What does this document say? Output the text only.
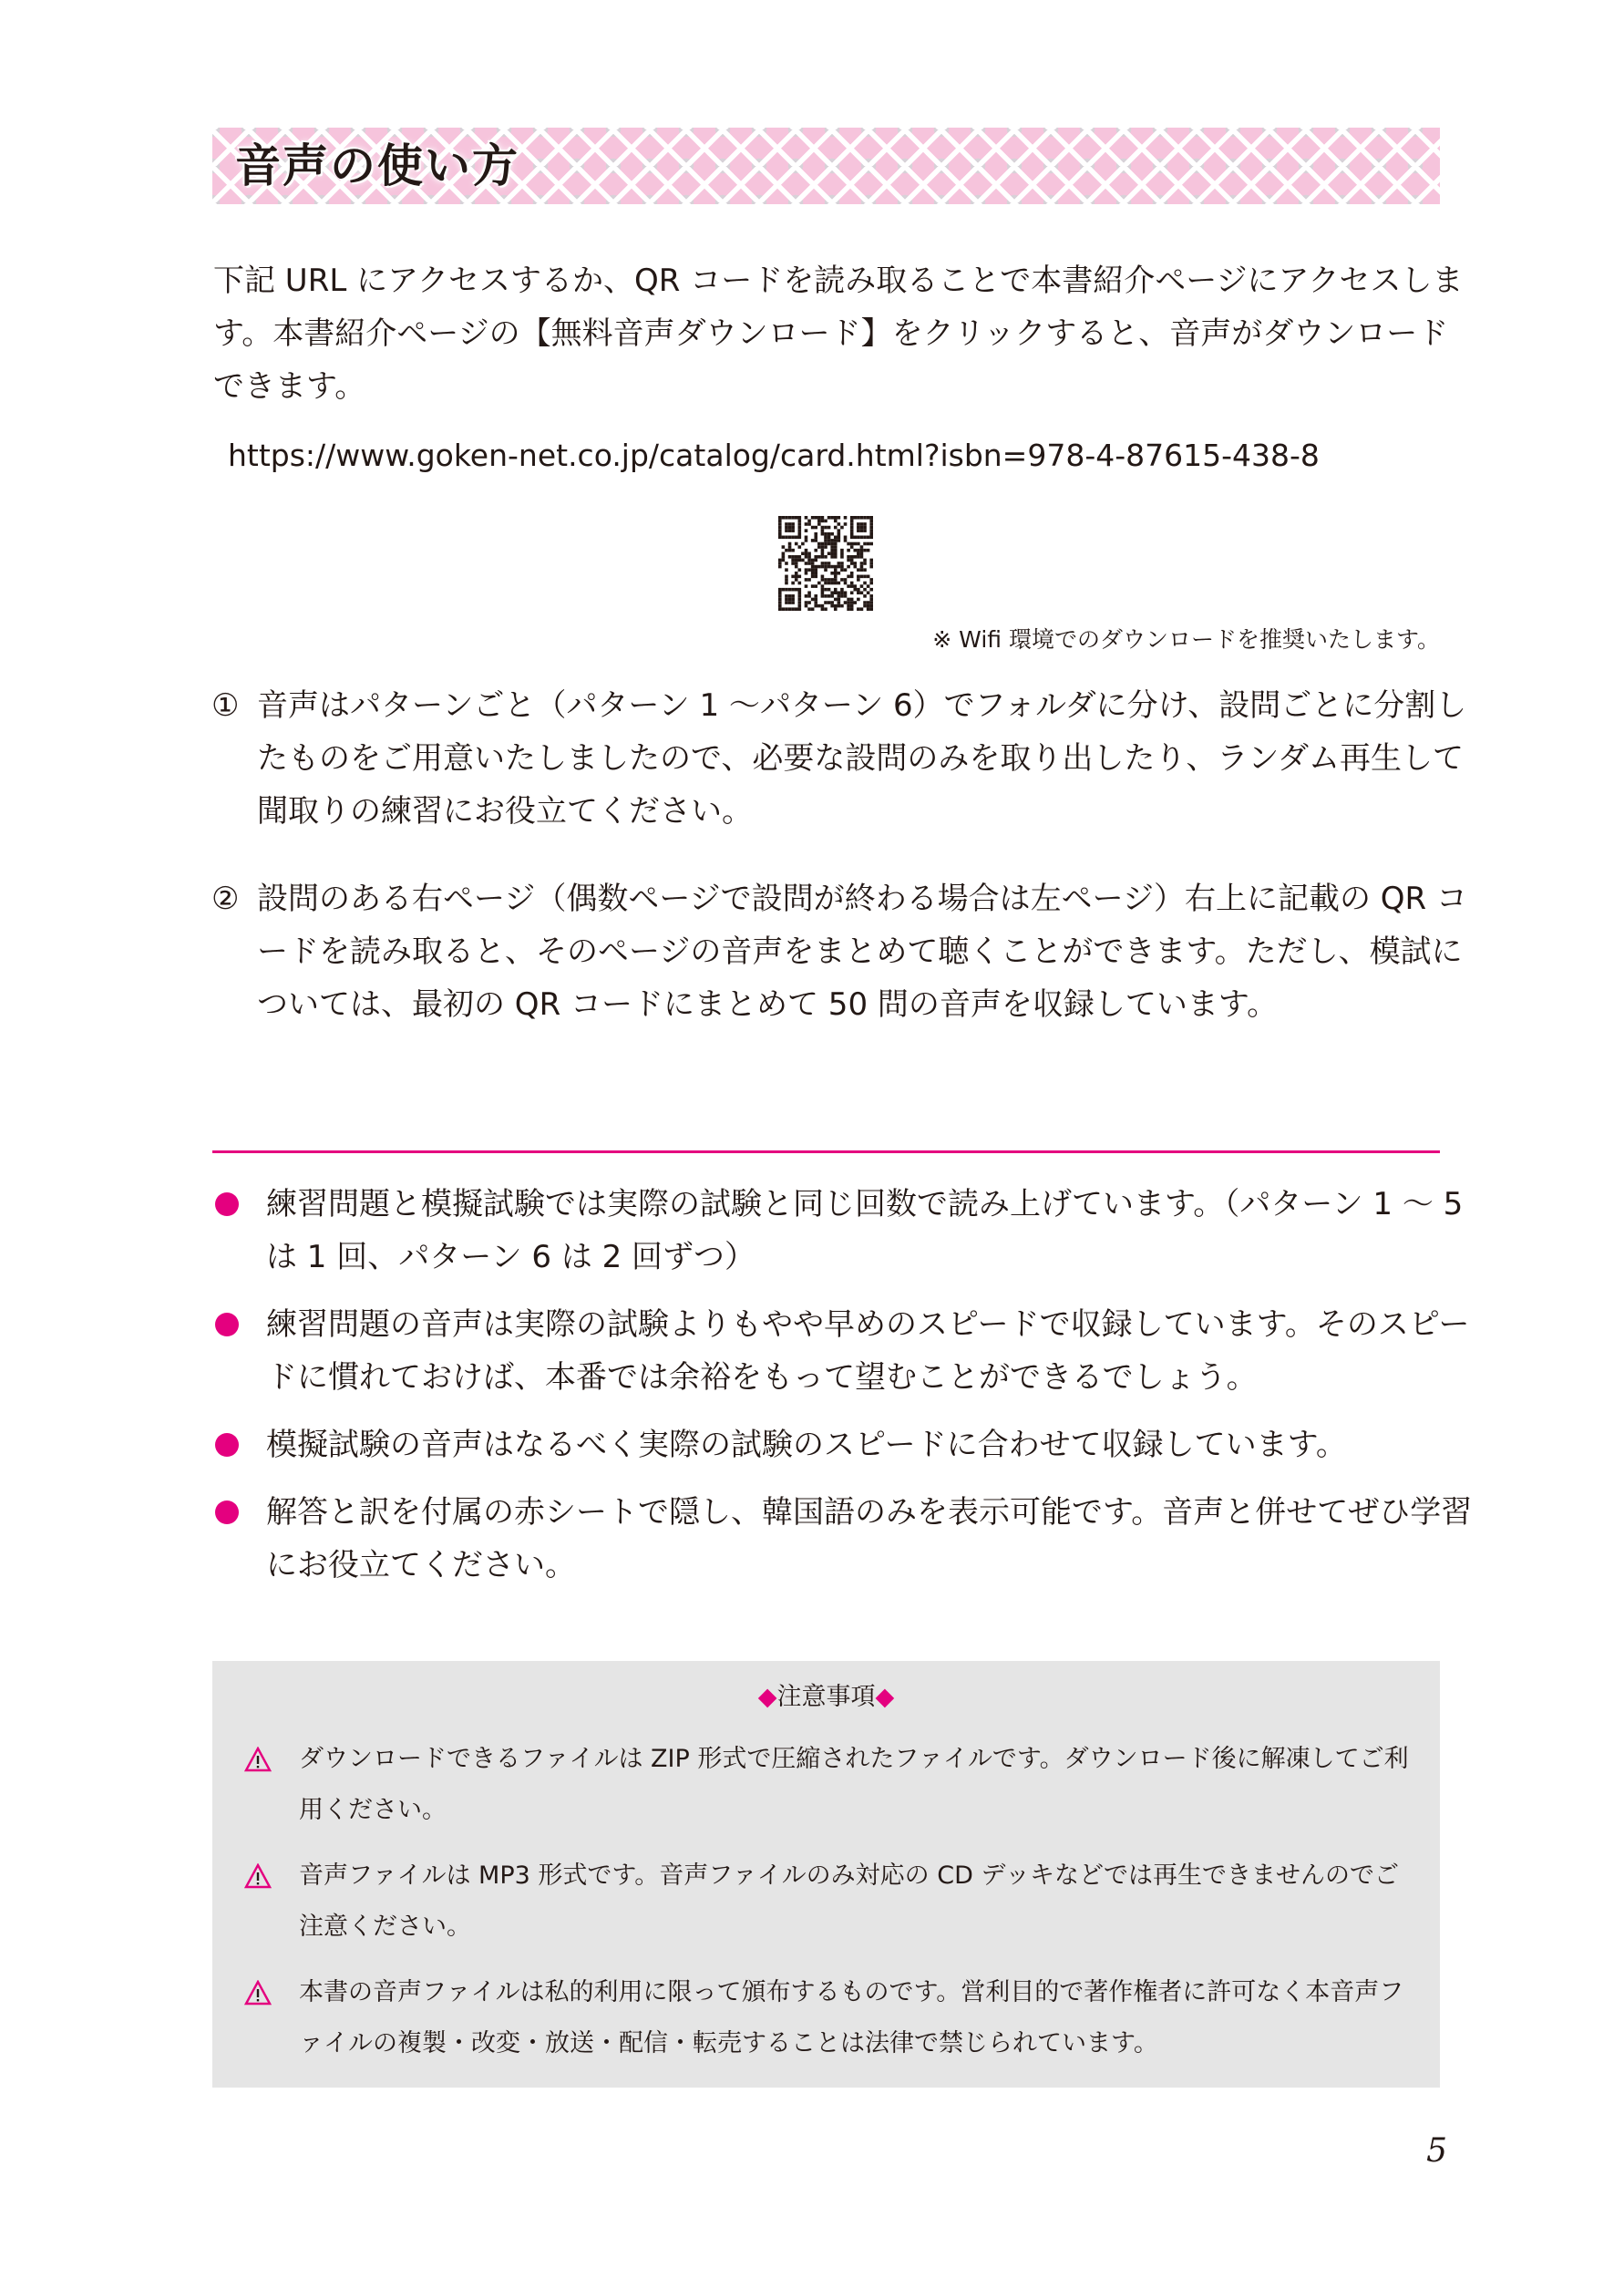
音声の使い方

下記 URL にアクセスするか、QR コードを読み取ることで本書紹介ページにアクセスします。本書紹介ページの【無料音声ダウンロード】をクリックすると、音声がダウンロードできます。

https://www.goken-net.co.jp/catalog/card.html?isbn=978-4-87615-438-8
※ Wifi 環境でのダウンロードを推奨いたします。
① 音声はパターンごと（パターン 1 〜パターン 6）でフォルダに分け、設問ごとに分割したものをご用意いたしましたので、必要な設問のみを取り出したり、ランダム再生して聞取りの練習にお役立てください。
② 設問のある右ページ（偶数ページで設問が終わる場合は左ページ）右上に記載の QR コードを読み取ると、そのページの音声をまとめて聴くことができます。ただし、模試については、最初の QR コードにまとめて 50 問の音声を収録しています。
練習問題と模擬試験では実際の試験と同じ回数で読み上げています。（パターン 1 〜 5 は 1 回、パターン 6 は 2 回ずつ）
練習問題の音声は実際の試験よりもやや早めのスピードで収録しています。そのスピードに慣れておけば、本番では余裕をもって望むことができるでしょう。
模擬試験の音声はなるべく実際の試験のスピードに合わせて収録しています。
解答と訳を付属の赤シートで隠し、韓国語のみを表示可能です。音声と併せてぜひ学習にお役立てください。
◆注意事項◆
ダウンロードできるファイルは ZIP 形式で圧縮されたファイルです。ダウンロード後に解凍してご利用ください。
音声ファイルは MP3 形式です。音声ファイルのみ対応の CD デッキなどでは再生できませんのでご注意ください。
本書の音声ファイルは私的利用に限って頒布するものです。営利目的で著作権者に許可なく本音声ファイルの複製・改変・放送・配信・転売することは法律で禁じられています。
5
